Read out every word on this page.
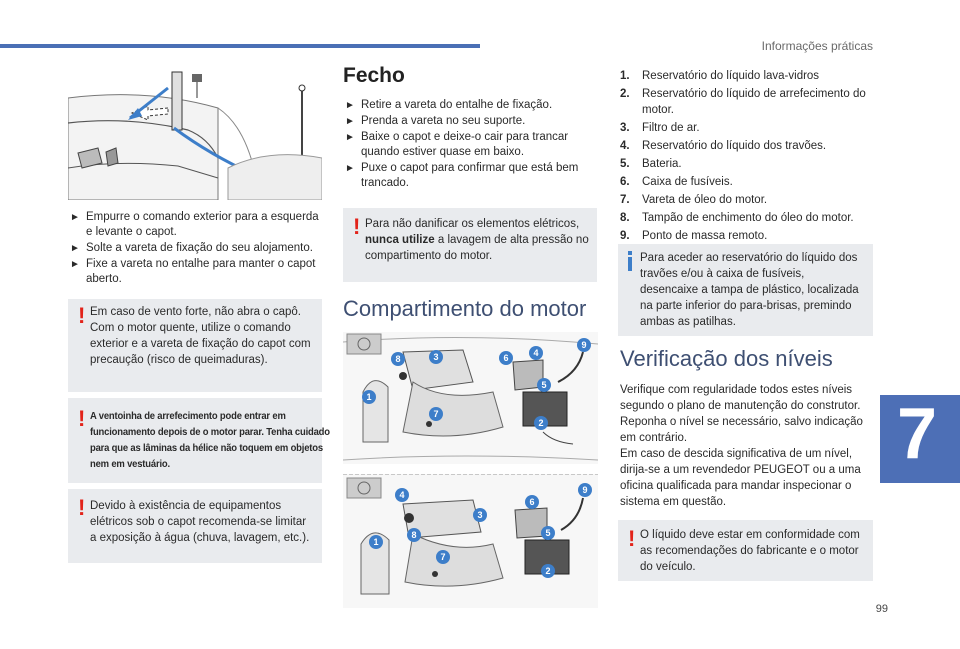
Informações práticas
► Empurre o comando exterior para a esquerda e levante o capot.
► Solte a vareta de fixação do seu alojamento.
► Fixe a vareta no entalhe para manter o capot aberto.
! Em caso de vento forte, não abra o capô. Com o motor quente, utilize o comando exterior e a vareta de fixação do capot com precaução (risco de queimaduras).

! A ventoinha de arrefecimento pode entrar em funcionamento depois de o motor parar. Tenha cuidado para que as lâminas da hélice não toquem em objetos nem em vestuário.

! Devido à existência de equipamentos elétricos sob o capot recomenda-se limitar a exposição à água (chuva, lavagem, etc.).

Fecho
► Retire a vareta do entalhe de fixação.
► Prenda a vareta no seu suporte.
► Baixe o capot e deixe-o cair para trancar quando estiver quase em baixo.
► Puxe o capot para confirmar que está bem trancado.
! Para não danificar os elementos elétricos, nunca utilize a lavagem de alta pressão no compartimento do motor.

Compartimento do motor
8	3	6	4
9
5
1
7
2
4
3
6
9
5
8
1
7
2
1. Reservatório do líquido lava-vidros
2. Reservatório do líquido de arrefecimento do motor.
3. Filtro de ar.
4. Reservatório do líquido dos travões.
5. Bateria.
6. Caixa de fusíveis.
7. Vareta de óleo do motor.
8. Tampão de enchimento do óleo do motor.
9. Ponto de massa remoto.

Para aceder ao reservatório do líquido dos travões e/ou à caixa de fusíveis, desencaixe a tampa de plástico, localizada na parte inferior do para-brisas, premindo ambas as patilhas.

Verificação dos níveis

Verifique com regularidade todos estes níveis segundo o plano de manutenção do construtor. Reponha o nível se necessário, salvo indicação em contrário.

Em caso de descida significativa de um nível, dirija-se a um revendedor PEUGEOT ou a uma oficina qualificada para mandar inspecionar o sistema em questão.

! O líquido deve estar em conformidade com as recomendações do fabricante e o motor do veículo.

7
99
